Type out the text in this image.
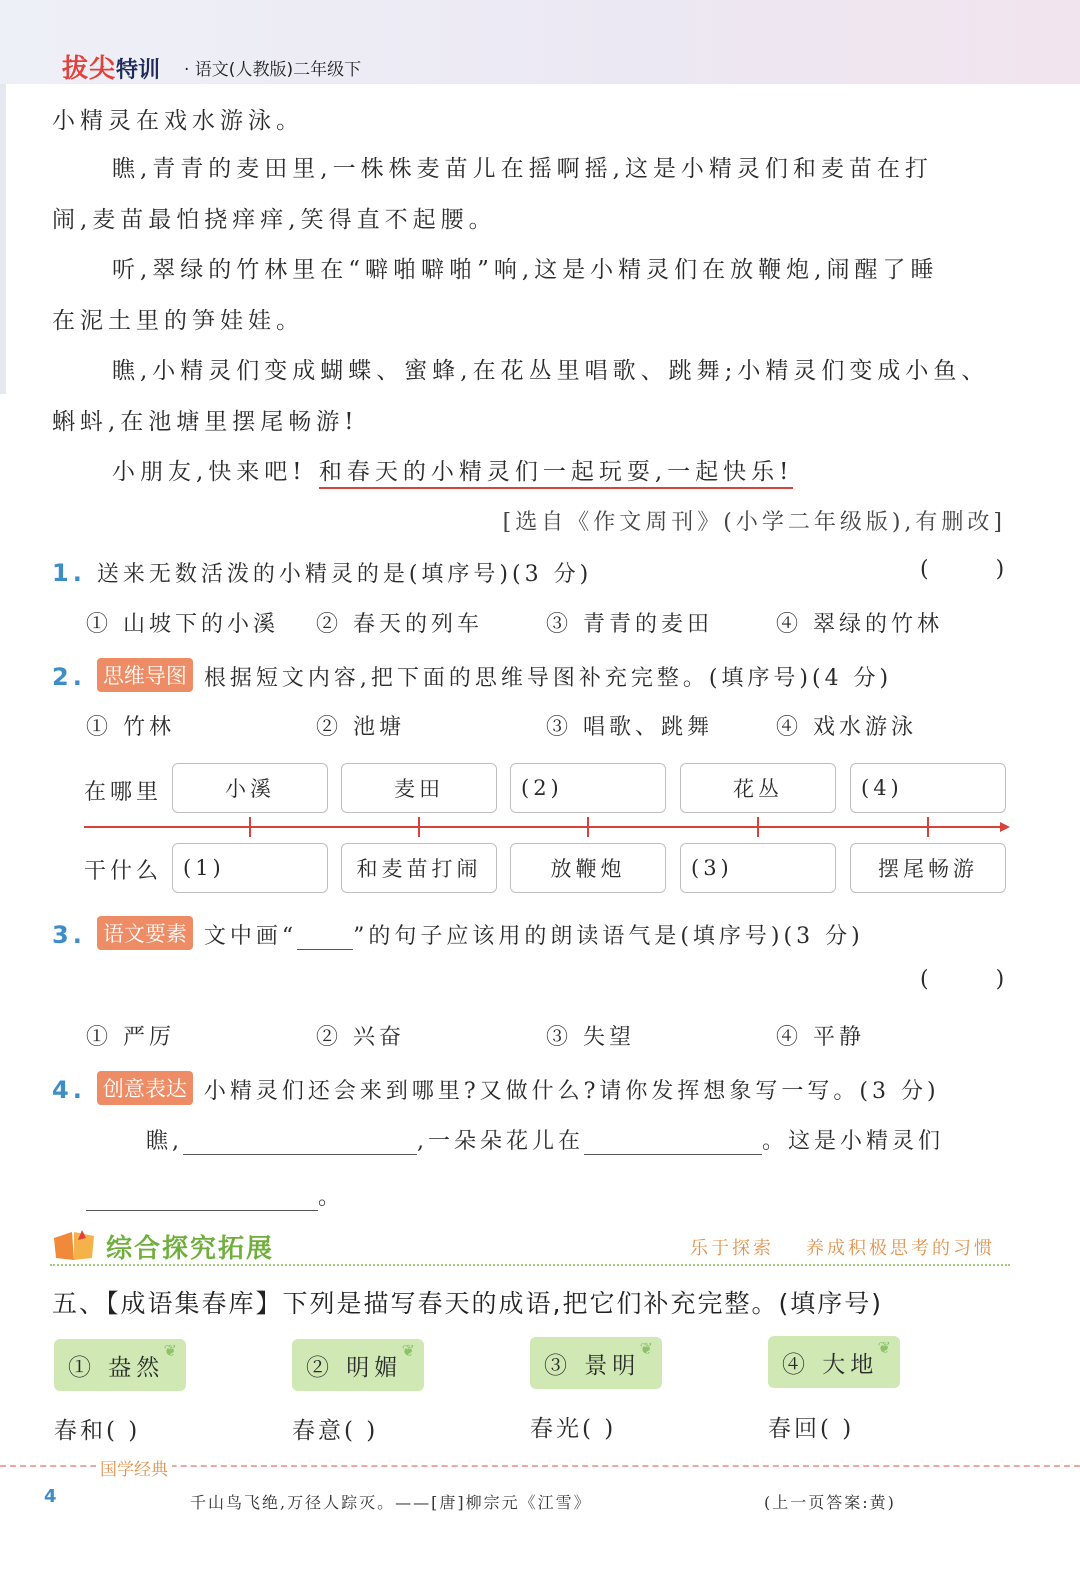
拔尖特训 · 语文(人教版)二年级下
小精灵在戏水游泳。
瞧,青青的麦田里,一株株麦苗儿在摇啊摇,这是小精灵们和麦苗在打
闹,麦苗最怕挠痒痒,笑得直不起腰。
听,翠绿的竹林里在“噼啪噼啪”响,这是小精灵们在放鞭炮,闹醒了睡
在泥土里的笋娃娃。
瞧,小精灵们变成蝴蝶、蜜蜂,在花丛里唱歌、跳舞;小精灵们变成小鱼、
蝌蚪,在池塘里摆尾畅游!
小朋友,快来吧! 和春天的小精灵们一起玩耍,一起快乐!
[选自《作文周刊》(小学二年级版),有删改]
1. 送来无数活泼的小精灵的是(填序号)(3 分)	( )
① 山坡下的小溪 ② 春天的列车	③ 青青的麦田	④ 翠绿的竹林
2. 思维导图 根据短文内容,把下面的思维导图补充完整。(填序号)(4 分)
① 竹林	② 池塘	③ 唱歌、跳舞	④ 戏水游泳
在哪里	小溪	麦田	(2)	花丛	(4)
干什么 (1)	和麦苗打闹	放鞭炮	(3)	摆尾畅游
3. 语文要素 文中画“	”的句子应该用的朗读语气是(填序号)(3 分)
( )
① 严厉	② 兴奋	③ 失望	④ 平静
4. 创意表达 小精灵们还会来到哪里?又做什么?请你发挥想象写一写。(3 分)
瞧,	,一朵朵花儿在	。这是小精灵们
。
综合探究拓展	乐于探索 养成积极思考的习惯
五、【成语集春库】下列是描写春天的成语,把它们补充完整。(填序号)
① 盎然
❦
② 明媚
❦
③ 景明
❦
④ 大地
❦
春和( )	春意( )	春光( )	春回( )
国学经典
4	千山鸟飞绝,万径人踪灭。——[唐]柳宗元《江雪》	(上一页答案:黄)
